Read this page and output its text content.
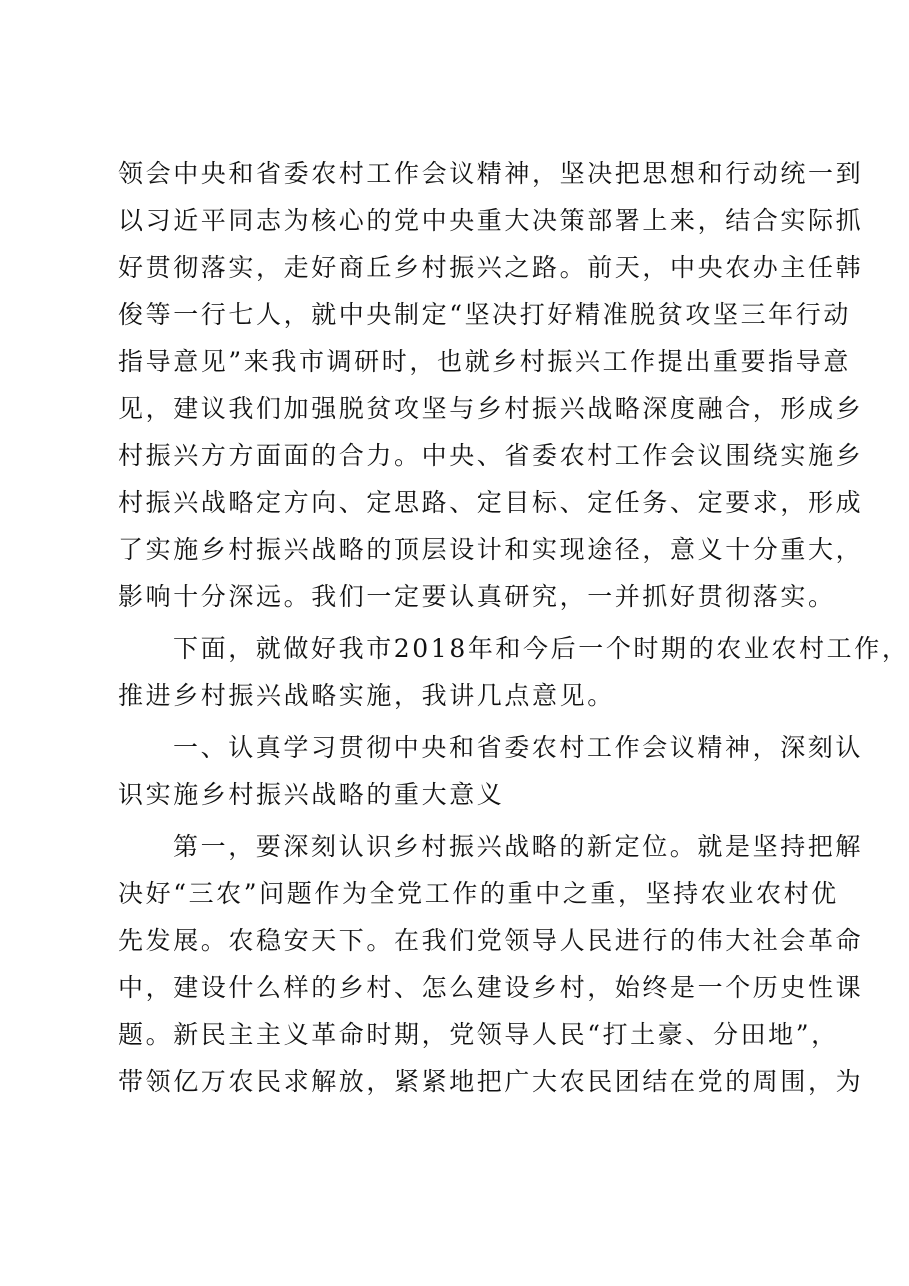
领会中央和省委农村工作会议精神，坚决把思想和行动统一到
以习近平同志为核心的党中央重大决策部署上来，结合实际抓
好贯彻落实，走好商丘乡村振兴之路。前天，中央农办主任韩
俊等一行七人，就中央制定“坚决打好精准脱贫攻坚三年行动
指导意见”来我市调研时，也就乡村振兴工作提出重要指导意
见，建议我们加强脱贫攻坚与乡村振兴战略深度融合，形成乡
村振兴方方面面的合力。中央、省委农村工作会议围绕实施乡
村振兴战略定方向、定思路、定目标、定任务、定要求，形成
了实施乡村振兴战略的顶层设计和实现途径，意义十分重大，
影响十分深远。我们一定要认真研究，一并抓好贯彻落实。
下面，就做好我市2018年和今后一个时期的农业农村工作，
推进乡村振兴战略实施，我讲几点意见。
一、认真学习贯彻中央和省委农村工作会议精神，深刻认
识实施乡村振兴战略的重大意义
第一，要深刻认识乡村振兴战略的新定位。就是坚持把解
决好“三农”问题作为全党工作的重中之重，坚持农业农村优
先发展。农稳安天下。在我们党领导人民进行的伟大社会革命
中，建设什么样的乡村、怎么建设乡村，始终是一个历史性课
题。新民主主义革命时期，党领导人民“打土豪、分田地”，
带领亿万农民求解放，紧紧地把广大农民团结在党的周围，为
